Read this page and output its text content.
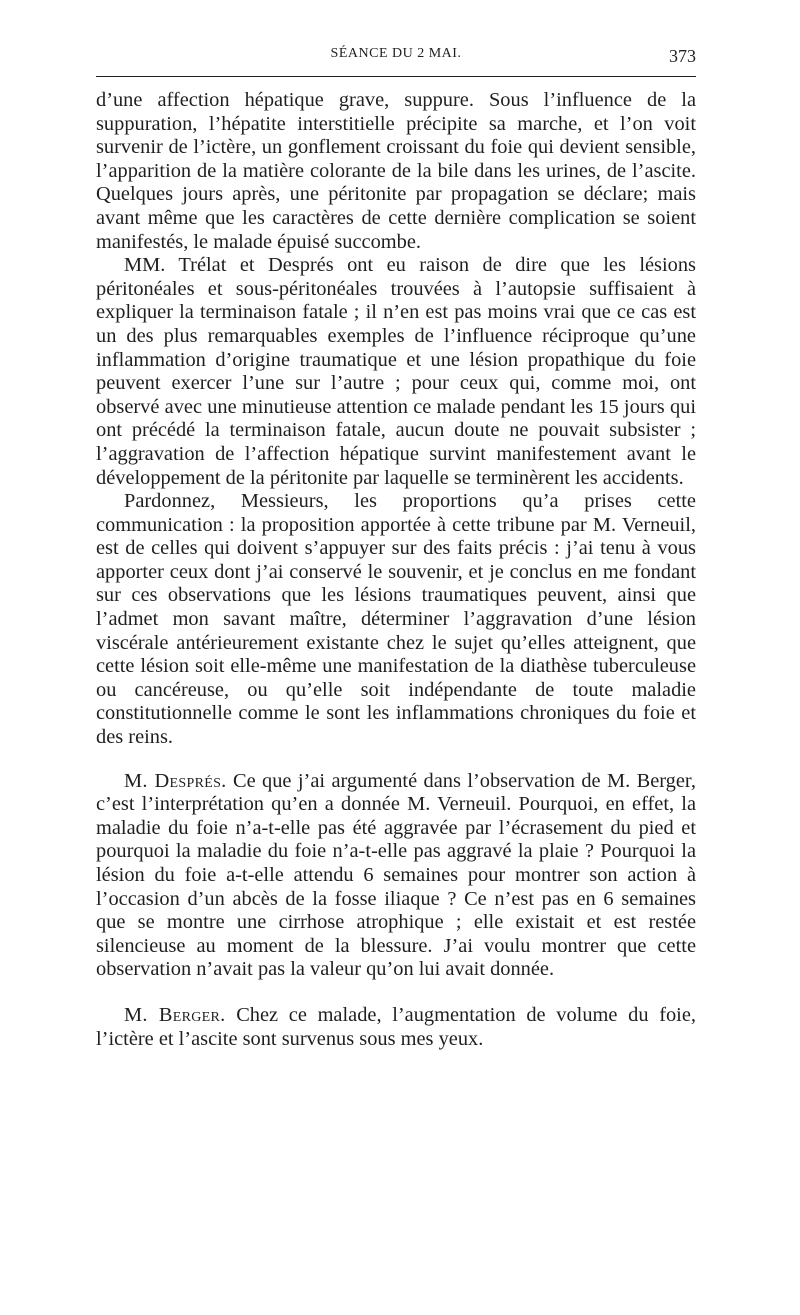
SÉANCE DU 2 MAI.	373

d’une affection hépatique grave, suppure. Sous l’influence de la suppuration, l’hépatite interstitielle précipite sa marche, et l’on voit survenir de l’ictère, un gonflement croissant du foie qui devient sensible, l’apparition de la matière colorante de la bile dans les urines, de l’ascite. Quelques jours après, une péritonite par propagation se déclare; mais avant même que les caractères de cette dernière complication se soient manifestés, le malade épuisé succombe.

MM. Trélat et Després ont eu raison de dire que les lésions péritonéales et sous-péritonéales trouvées à l’autopsie suffisaient à expliquer la terminaison fatale ; il n’en est pas moins vrai que ce cas est un des plus remarquables exemples de l’influence réciproque qu’une inflammation d’origine traumatique et une lésion propathique du foie peuvent exercer l’une sur l’autre ; pour ceux qui, comme moi, ont observé avec une minutieuse attention ce malade pendant les 15 jours qui ont précédé la terminaison fatale, aucun doute ne pouvait subsister ; l’aggravation de l’affection hépatique survint manifestement avant le développement de la péritonite par laquelle se terminèrent les accidents.

Pardonnez, Messieurs, les proportions qu’a prises cette communication : la proposition apportée à cette tribune par M. Verneuil, est de celles qui doivent s’appuyer sur des faits précis : j’ai tenu à vous apporter ceux dont j’ai conservé le souvenir, et je conclus en me fondant sur ces observations que les lésions traumatiques peuvent, ainsi que l’admet mon savant maître, déterminer l’aggravation d’une lésion viscérale antérieurement existante chez le sujet qu’elles atteignent, que cette lésion soit elle-même une manifestation de la diathèse tuberculeuse ou cancéreuse, ou qu’elle soit indépendante de toute maladie constitutionnelle comme le sont les inflammations chroniques du foie et des reins.

M. Després. Ce que j’ai argumenté dans l’observation de M. Berger, c’est l’interprétation qu’en a donnée M. Verneuil. Pourquoi, en effet, la maladie du foie n’a-t-elle pas été aggravée par l’écrasement du pied et pourquoi la maladie du foie n’a-t-elle pas aggravé la plaie ? Pourquoi la lésion du foie a-t-elle attendu 6 semaines pour montrer son action à l’occasion d’un abcès de la fosse iliaque ? Ce n’est pas en 6 semaines que se montre une cirrhose atrophique ; elle existait et est restée silencieuse au moment de la blessure. J’ai voulu montrer que cette observation n’avait pas la valeur qu’on lui avait donnée.

M. Berger. Chez ce malade, l’augmentation de volume du foie, l’ictère et l’ascite sont survenus sous mes yeux.
